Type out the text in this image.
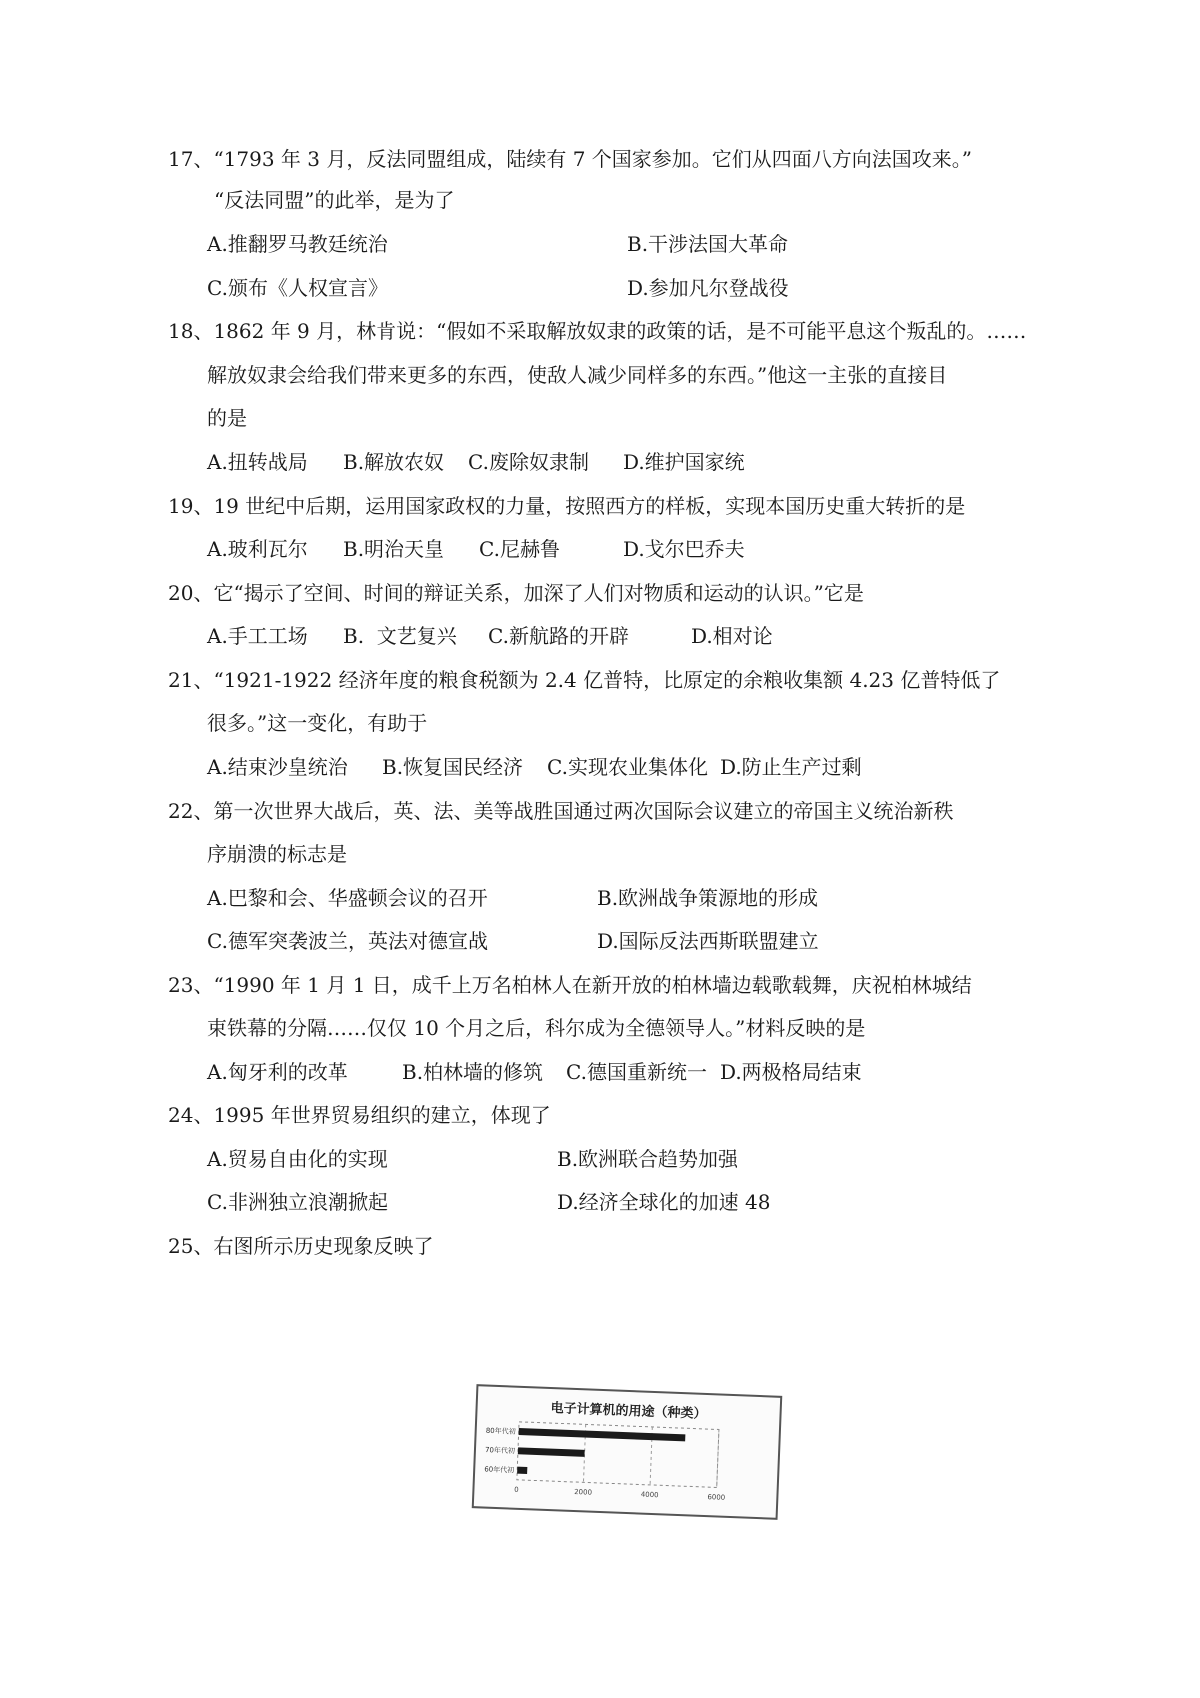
17、“1793 年 3 月，反法同盟组成，陆续有 7 个国家参加。它们从四面八方向法国攻来。”
“反法同盟”的此举，是为了
A.推翻罗马教廷统治	B.干涉法国大革命
C.颁布《人权宣言》	D.参加凡尔登战役
18、1862 年 9 月，林肯说：“假如不采取解放奴隶的政策的话，是不可能平息这个叛乱的。……
解放奴隶会给我们带来更多的东西，使敌人减少同样多的东西。”他这一主张的直接目
的是
A.扭转战局 B.解放农奴 C.废除奴隶制 D.维护国家统
19、19 世纪中后期，运用国家政权的力量，按照西方的样板，实现本国历史重大转折的是
A.玻利瓦尔 B.明治天皇 C.尼赫鲁	D.戈尔巴乔夫
20、它“揭示了空间、时间的辩证关系，加深了人们对物质和运动的认识。”它是
A.手工工场 B.  文艺复兴 C.新航路的开辟	D.相对论
21、“1921-1922 经济年度的粮食税额为 2.4 亿普特，比原定的余粮收集额 4.23 亿普特低了
很多。”这一变化，有助于
A.结束沙皇统治 B.恢复国民经济 C.实现农业集体化 D.防止生产过剩
22、第一次世界大战后，英、法、美等战胜国通过两次国际会议建立的帝国主义统治新秩
序崩溃的标志是
A.巴黎和会、华盛顿会议的召开	B.欧洲战争策源地的形成
C.德军突袭波兰，英法对德宣战	D.国际反法西斯联盟建立
23、“1990 年 1 月 1 日，成千上万名柏林人在新开放的柏林墙边载歌载舞，庆祝柏林城结
束铁幕的分隔……仅仅 10 个月之后，科尔成为全德领导人。”材料反映的是
A.匈牙利的改革	B.柏林墙的修筑 C.德国重新统一 D.两极格局结束
24、1995 年世界贸易组织的建立，体现了
A.贸易自由化的实现	B.欧洲联合趋势加强
C.非洲独立浪潮掀起	D.经济全球化的加速 48
25、右图所示历史现象反映了
电子计算机的用途（种类）
0	2000	4000	6000
80年代初
70年代初
60年代初
